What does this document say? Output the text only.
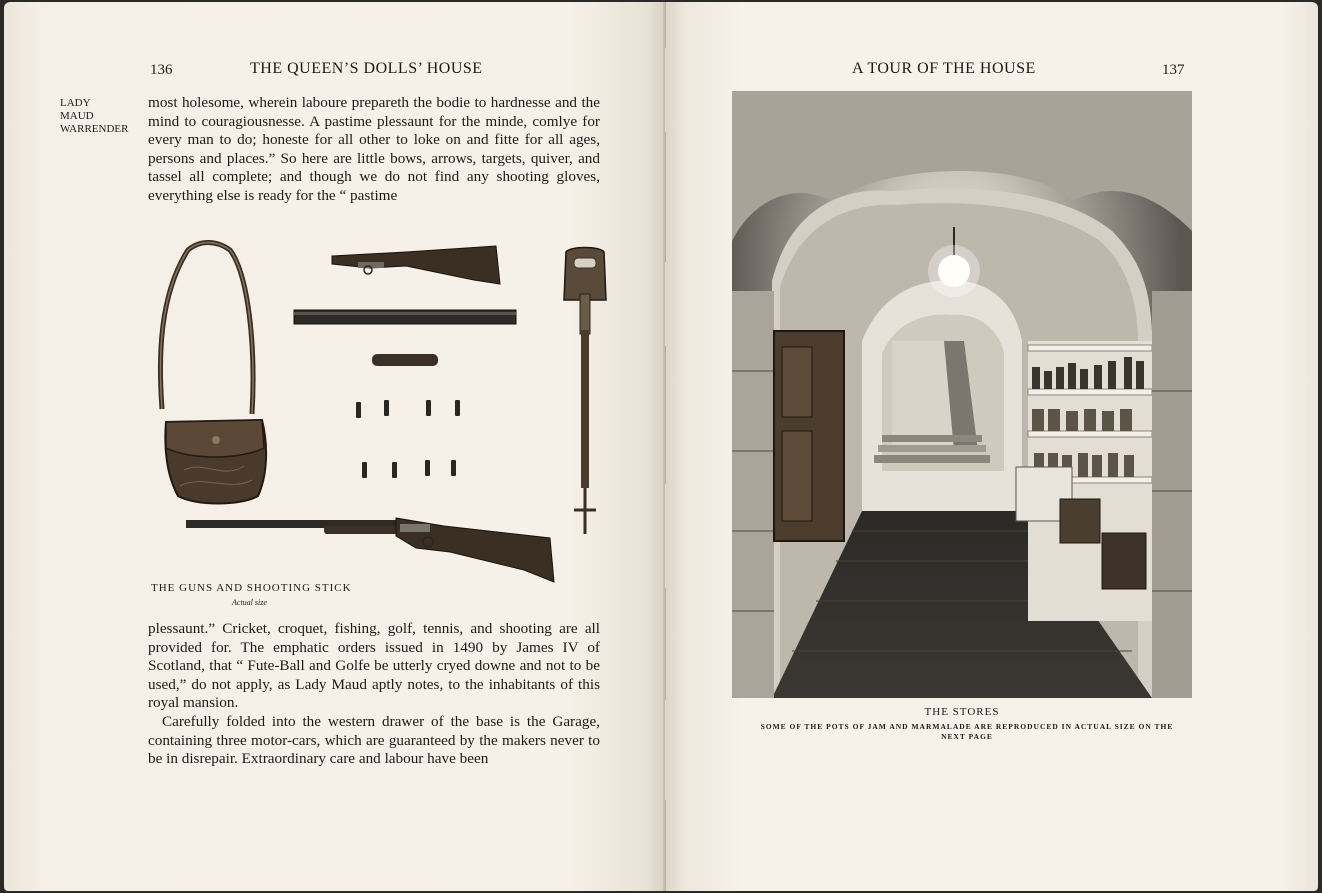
136	THE QUEEN’S DOLLS’ HOUSE
LADY
MAUD
WARRENDER

most holesome, wherein laboure prepareth the bodie to hardnesse and the mind to couragiousnesse. A pastime plessaunt for the minde, comlye for every man to do; honeste for all other to loke on and fitte for all ages, persons and places.” So here are little bows, arrows, targets, quiver, and tassel all complete; and though we do not find any shooting gloves, everything else is ready for the “ pastime

THE GUNS AND SHOOTING STICK
Actual size

plessaunt.” Cricket, croquet, fishing, golf, tennis, and shooting are all provided for. The emphatic orders issued in 1490 by James IV of Scotland, that “ Fute-Ball and Golfe be utterly cryed downe and not to be used,” do not apply, as Lady Maud aptly notes, to the inhabitants of this royal mansion.

Carefully folded into the western drawer of the base is the Garage, containing three motor-cars, which are guaranteed by the makers never to be in disrepair. Extraordinary care and labour have been

A TOUR OF THE HOUSE	137
THE STORES
SOME OF THE POTS OF JAM AND MARMALADE ARE REPRODUCED IN ACTUAL SIZE ON THE NEXT PAGE
